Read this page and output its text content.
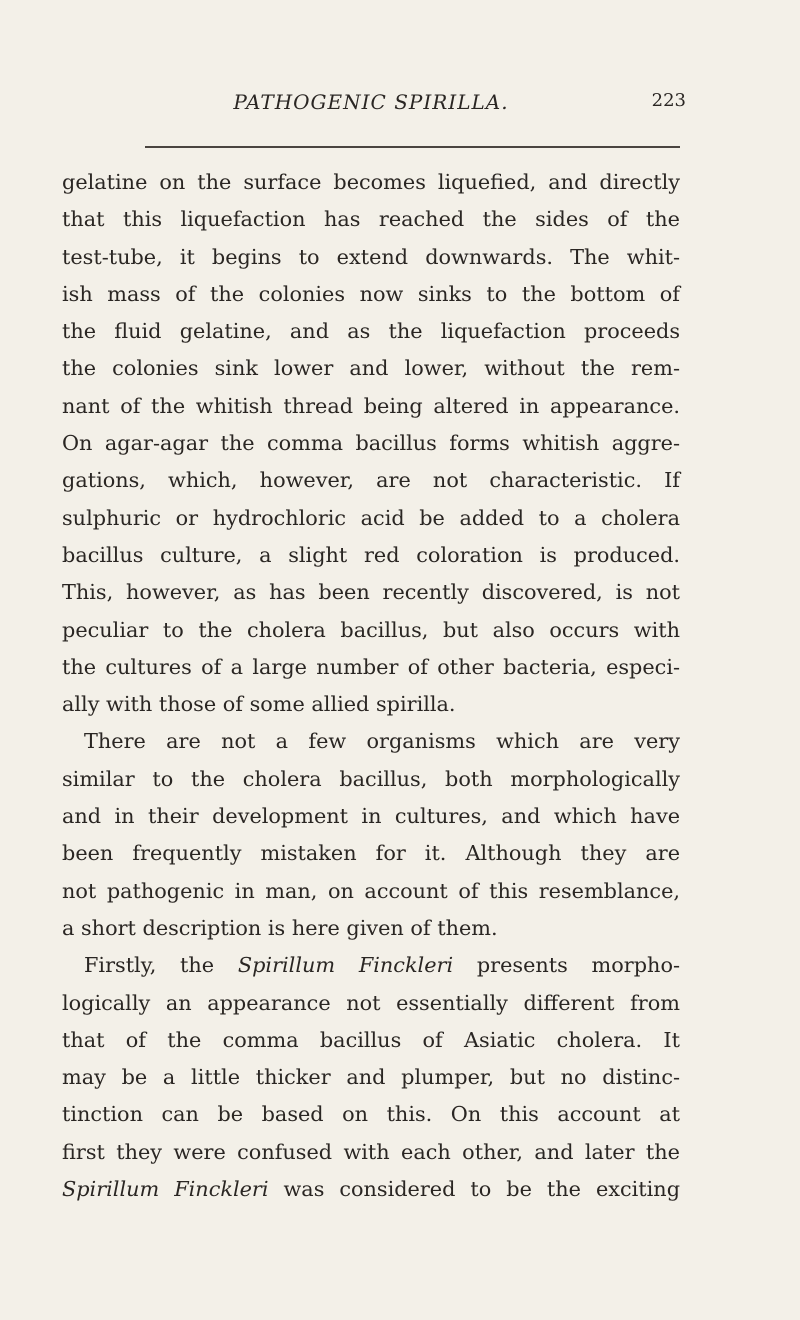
PATHOGENIC SPIRILLA.	223
gelatine on the surface becomes liquefied, and directly
that this liquefaction has reached the sides of the
test-tube, it begins to extend downwards. The whit-
ish mass of the colonies now sinks to the bottom of
the fluid gelatine, and as the liquefaction proceeds
the colonies sink lower and lower, without the rem-
nant of the whitish thread being altered in appearance.
On agar-agar the comma bacillus forms whitish aggre-
gations, which, however, are not characteristic. If
sulphuric or hydrochloric acid be added to a cholera
bacillus culture, a slight red coloration is produced.
This, however, as has been recently discovered, is not
peculiar to the cholera bacillus, but also occurs with
the cultures of a large number of other bacteria, especi-
ally with those of some allied spirilla.
There are not a few organisms which are very
similar to the cholera bacillus, both morphologically
and in their development in cultures, and which have
been frequently mistaken for it. Although they are
not pathogenic in man, on account of this resemblance,
a short description is here given of them.
Firstly, the Spirillum Finckleri presents morpho-
logically an appearance not essentially different from
that of the comma bacillus of Asiatic cholera. It
may be a little thicker and plumper, but no distinc-
tinction can be based on this. On this account at
first they were confused with each other, and later the
Spirillum Finckleri was considered to be the exciting
